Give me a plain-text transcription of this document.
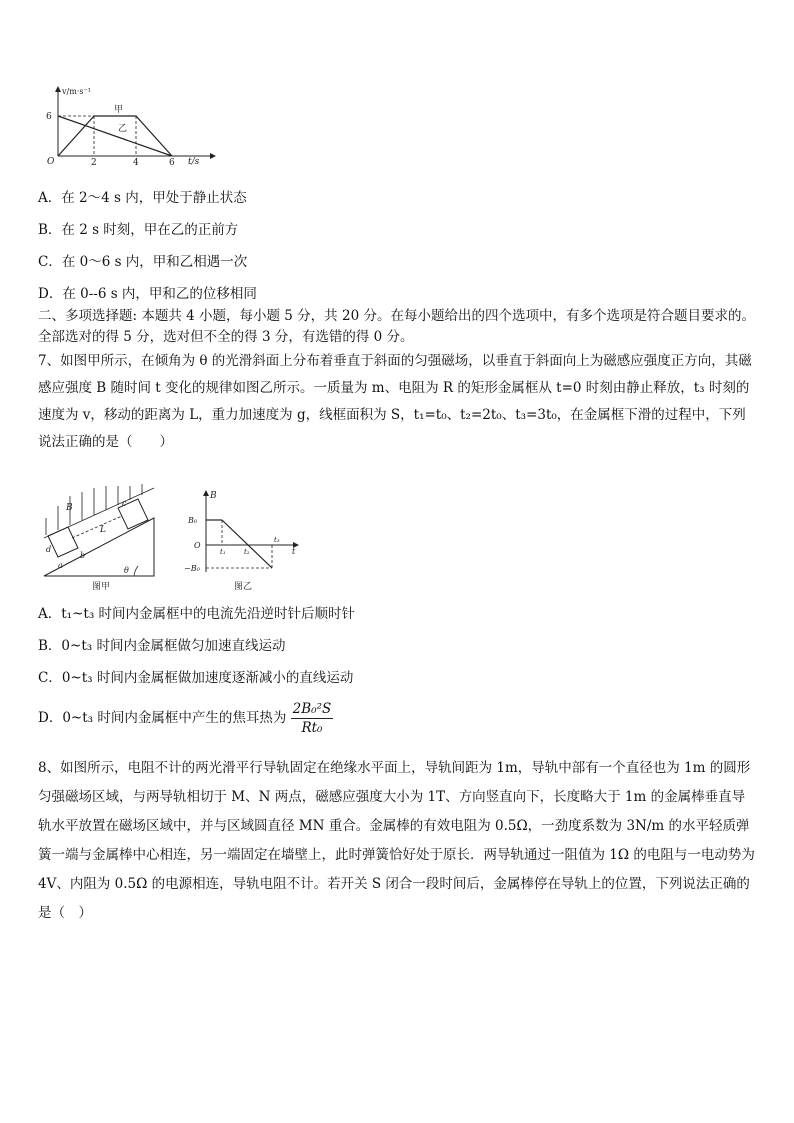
v/m·s⁻¹
t/s
O
6
2	4	6
甲
乙
A．在 2～4 s 内，甲处于静止状态
B．在 2 s 时刻，甲在乙的正前方
C．在 0～6 s 内，甲和乙相遇一次
D．在 0--6 s 内，甲和乙的位移相同
二、多项选择题: 本题共 4 小题，每小题 5 分，共 20 分。在每小题给出的四个选项中，有多个选项是符合题目要求的。全部选对的得 5 分，选对但不全的得 3 分，有选错的得 0 分。
7、如图甲所示，在倾角为 θ 的光滑斜面上分布着垂直于斜面的匀强磁场，以垂直于斜面向上为磁感应强度正方向，其磁感应强度 B 随时间 t 变化的规律如图乙所示。一质量为 m、电阻为 R 的矩形金属框从 t=0 时刻由静止释放，t₃ 时刻的速度为 v，移动的距离为 L，重力加速度为 g，线框面积为 S，t₁=t₀、t₂=2t₀、t₃=3t₀，在金属框下滑的过程中，下列说法正确的是（　　）
B
L
d
a
b
c
θ
图甲
B
B₀
−B₀
O
t₁	t₂
t₃
t
图乙
A．t₁~t₃ 时间内金属框中的电流先沿逆时针后顺时针
B．0~t₃ 时间内金属框做匀加速直线运动
C．0~t₃ 时间内金属框做加速度逐渐减小的直线运动
D．0~t₃ 时间内金属框中产生的焦耳热为 $\frac{\text{2B₀²S}}{\text{Rt₀}}$
8、如图所示，电阻不计的两光滑平行导轨固定在绝缘水平面上，导轨间距为 1m，导轨中部有一个直径也为 1m 的圆形匀强磁场区域，与两导轨相切于 M、N 两点，磁感应强度大小为 1T、方向竖直向下，长度略大于 1m 的金属棒垂直导轨水平放置在磁场区域中，并与区域圆直径 MN 重合。金属棒的有效电阻为 0.5Ω，一劲度系数为 3N/m 的水平轻质弹簧一端与金属棒中心相连，另一端固定在墙壁上，此时弹簧恰好处于原长．两导轨通过一阻值为 1Ω 的电阻与一电动势为 4V、内阻为 0.5Ω 的电源相连，导轨电阻不计。若开关 S 闭合一段时间后，金属棒停在导轨上的位置，下列说法正确的是（　）
